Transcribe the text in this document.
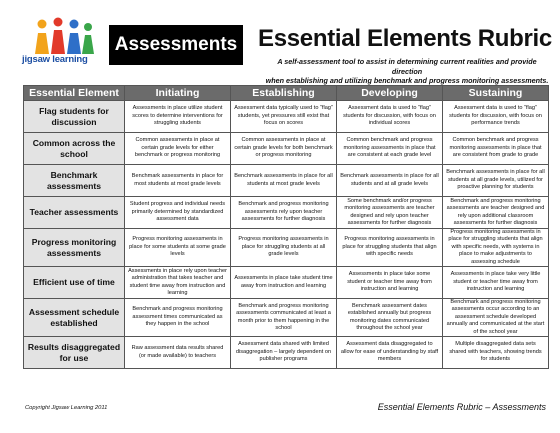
jigsaw learning
Assessments Essential Elements Rubric
A self-assessment tool to assist in determining current realities and provide direction
when establishing and utilizing benchmark and progress monitoring assessments.
Essential Element	Initiating	Establishing	Developing	Sustaining
Flag students for discussion	Assessments in place utilize student scores to determine interventions for struggling students	Assessment data typically used to “flag” students, yet pressures still exist that focus on scores	Assessment data is used to “flag” students for discussion, with focus on individual scores	Assessment data is used to “flag” students for discussion, with focus on performance trends
Common across the school	Common assessments in place at certain grade levels for either benchmark or progress monitoring	Common assessments in place at certain grade levels for both benchmark or progress monitoring	Common benchmark and progress monitoring assessments in place that are consistent at each grade level	Common benchmark and progress monitoring assessments in place that are consistent from grade to grade
Benchmark assessments	Benchmark assessments in place for most students at most grade levels	Benchmark assessments in place for all students at most grade levels	Benchmark assessments in place for all students and at all grade levels	Benchmark assessments in place for all students at all grade levels, utilized for proactive planning for students
Teacher assessments	Student progress and individual needs primarily determined by standardized assessment data	Benchmark and progress monitoring assessments rely upon teacher assessments for further diagnosis	Some benchmark and/or progress monitoring assessments are teacher designed and rely upon teacher assessments for further diagnosis	Benchmark and progress monitoring assessments are teacher designed and rely upon additional classroom assessments for further diagnosis
Progress monitoring assessments	Progress monitoring assessments in place for some students at some grade levels	Progress monitoring assessments in place for struggling students at all grade levels	Progress monitoring assessments in place for struggling students that align with specific needs	Progress monitoring assessments in place for struggling students that align with specific needs, with systems in place to make adjustments to assessing schedule
Efficient use of time	Assessments in place rely upon teacher administration that takes teacher and student time away from instruction and learning	Assessments in place take student time away from instruction and learning	Assessments in place take some student or teacher time away from instruction and learning	Assessments in place take very little student or teacher time away from instruction and learning
Assessment schedule established	Benchmark and progress monitoring assessment times communicated as they happen in the school	Benchmark and progress monitoring assessments communicated at least a month prior to them happening in the school	Benchmark assessment dates established annually but progress monitoring dates communicated throughout the school year	Benchmark and progress monitoring assessments occur according to an assessment schedule developed annually and communicated at the start of the school year
Results disaggregated for use	Raw assessment data results shared (or made available) to teachers	Assessment data shared with limited disaggregation – largely dependent on publisher programs	Assessment data disaggregated to allow for ease of understanding by staff members	Multiple disaggregated data sets shared with teachers, showing trends for students
Copyright Jigsaw Learning 2011	Essential Elements Rubric – Assessments
